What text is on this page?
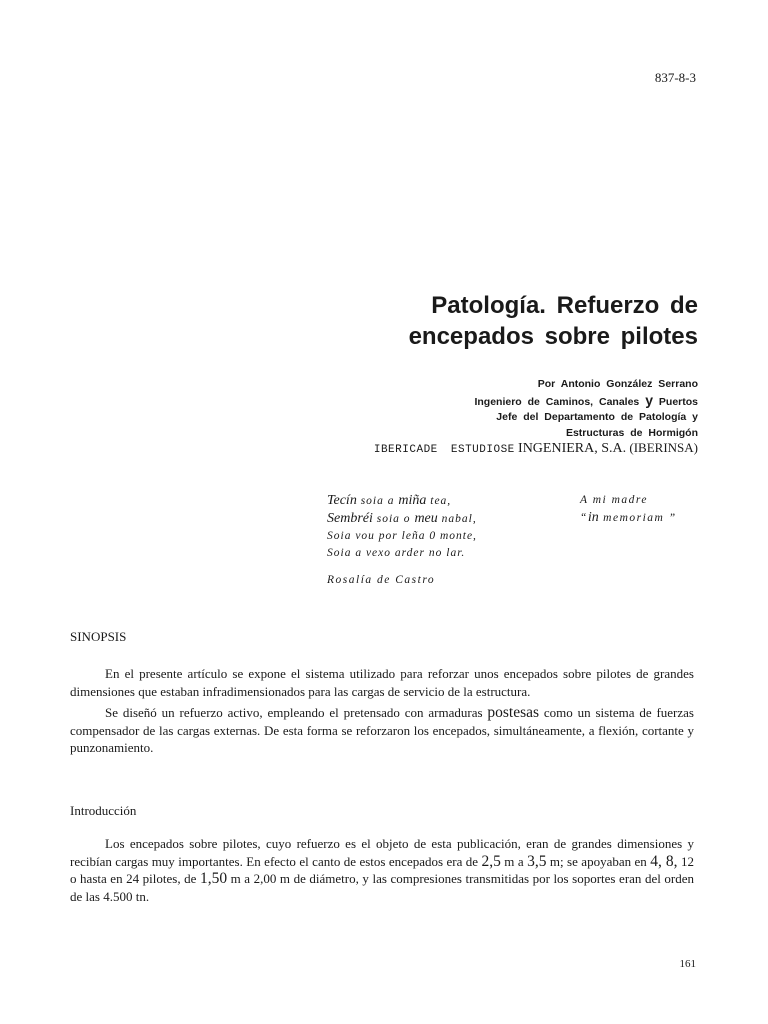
837-8-3
Patología. Refuerzo de
encepados sobre pilotes
Por Antonio González Serrano
Ingeniero de Caminos, Canales y Puertos
Jefe del Departamento de Patología y
Estructuras de Hormigón
IBERICADE ESTUDIOSE INGENIERA, S.A. (IBERINSA)
Tecín soia a miña tea,
Sembréi soia o meu nabal,
Soia vou por leña 0 monte,
Soia a vexo arder no lar.
A mi madre
“in memoriam ”
Rosalía de Castro
SINOPSIS

En el presente artículo se expone el sistema utilizado para reforzar unos encepados sobre pilotes de grandes dimensiones que estaban infradimensionados para las cargas de servicio de la estructura.

Se diseñó un refuerzo activo, empleando el pretensado con armaduras postesas como un sistema de fuerzas compensador de las cargas externas. De esta forma se reforzaron los encepados, simultáneamente, a flexión, cortante y punzonamiento.

Introducción

Los encepados sobre pilotes, cuyo refuerzo es el objeto de esta publicación, eran de grandes dimensiones y recibían cargas muy importantes. En efecto el canto de estos encepados era de 2,5 m a 3,5 m; se apoyaban en 4, 8, 12 o hasta en 24 pilotes, de 1,50 m a 2,00 m de diámetro, y las compresiones transmitidas por los soportes eran del orden de las 4.500 tn.

161
